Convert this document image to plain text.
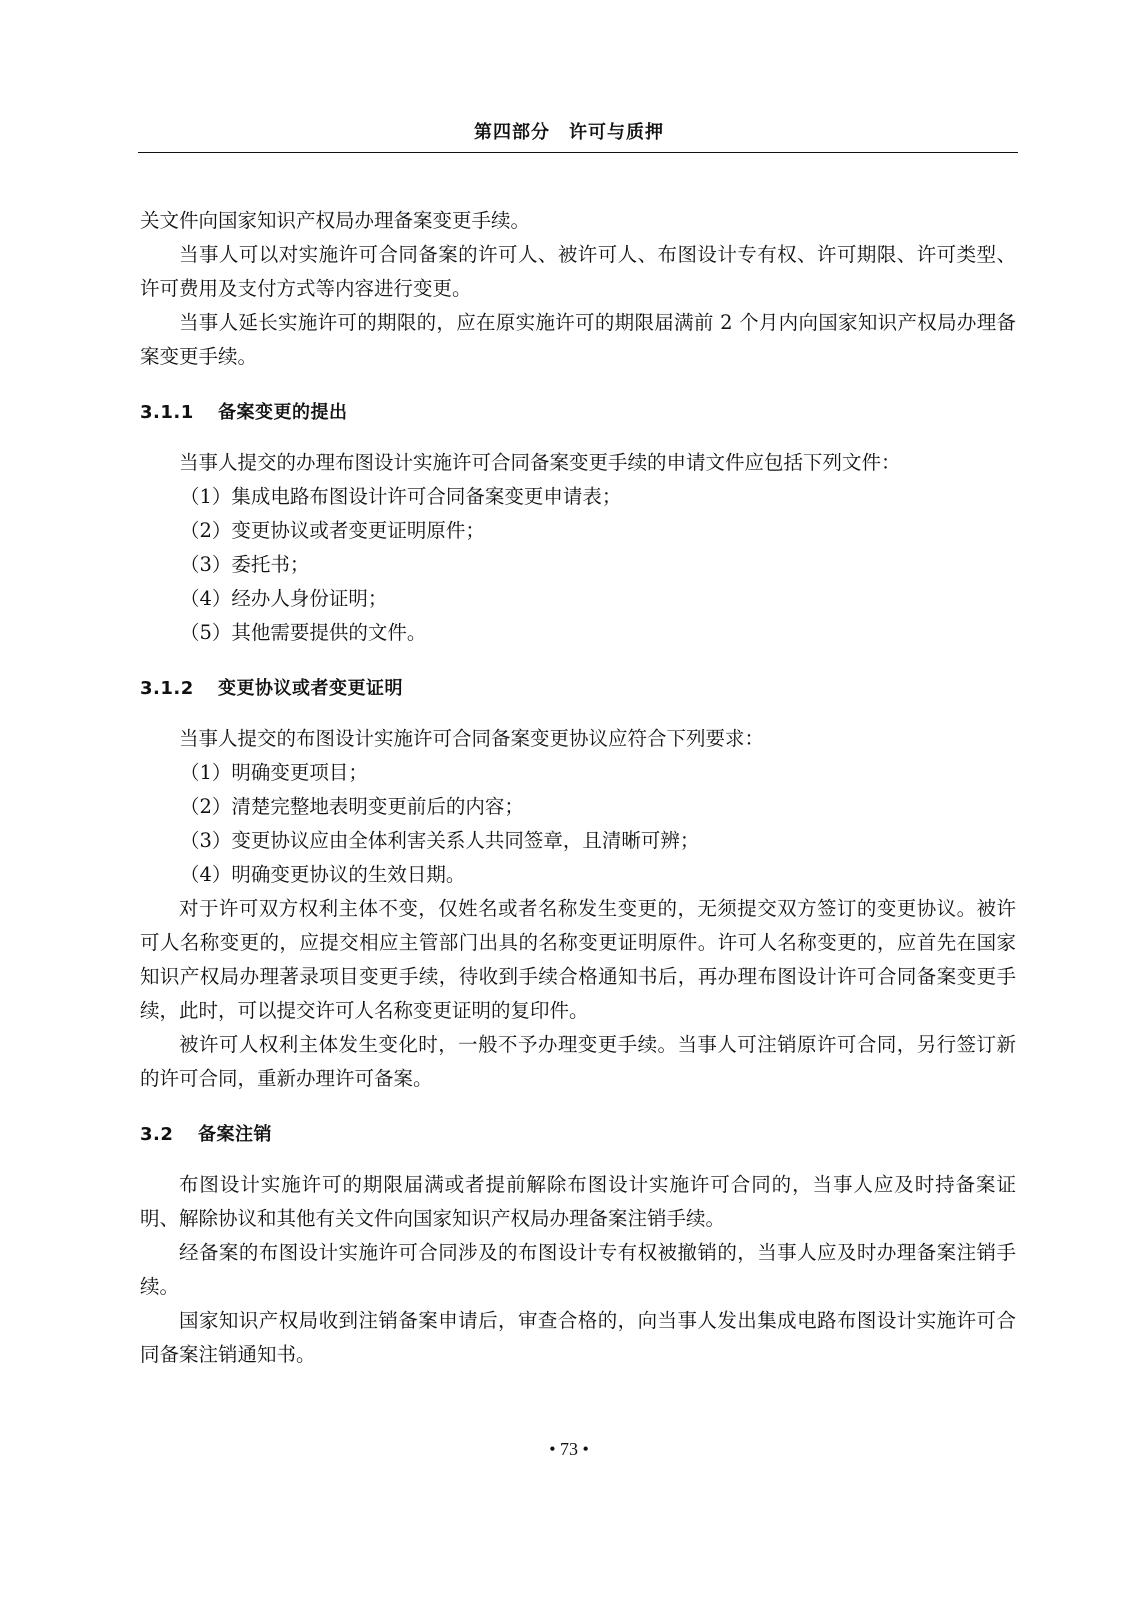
第四部分　许可与质押

关文件向国家知识产权局办理备案变更手续。

当事人可以对实施许可合同备案的许可人、被许可人、布图设计专有权、许可期限、许可类型、许可费用及支付方式等内容进行变更。

当事人延长实施许可的期限的，应在原实施许可的期限届满前 2 个月内向国家知识产权局办理备案变更手续。

3.1.1 备案变更的提出

当事人提交的办理布图设计实施许可合同备案变更手续的申请文件应包括下列文件：

（1）集成电路布图设计许可合同备案变更申请表；

（2）变更协议或者变更证明原件；

（3）委托书；

（4）经办人身份证明；

（5）其他需要提供的文件。

3.1.2 变更协议或者变更证明

当事人提交的布图设计实施许可合同备案变更协议应符合下列要求：

（1）明确变更项目；

（2）清楚完整地表明变更前后的内容；

（3）变更协议应由全体利害关系人共同签章，且清晰可辨；

（4）明确变更协议的生效日期。

对于许可双方权利主体不变，仅姓名或者名称发生变更的，无须提交双方签订的变更协议。被许可人名称变更的，应提交相应主管部门出具的名称变更证明原件。许可人名称变更的，应首先在国家知识产权局办理著录项目变更手续，待收到手续合格通知书后，再办理布图设计许可合同备案变更手续，此时，可以提交许可人名称变更证明的复印件。

被许可人权利主体发生变化时，一般不予办理变更手续。当事人可注销原许可合同，另行签订新的许可合同，重新办理许可备案。

3.2 备案注销

布图设计实施许可的期限届满或者提前解除布图设计实施许可合同的，当事人应及时持备案证明、解除协议和其他有关文件向国家知识产权局办理备案注销手续。

经备案的布图设计实施许可合同涉及的布图设计专有权被撤销的，当事人应及时办理备案注销手续。

国家知识产权局收到注销备案申请后，审查合格的，向当事人发出集成电路布图设计实施许可合同备案注销通知书。

• 73 •
